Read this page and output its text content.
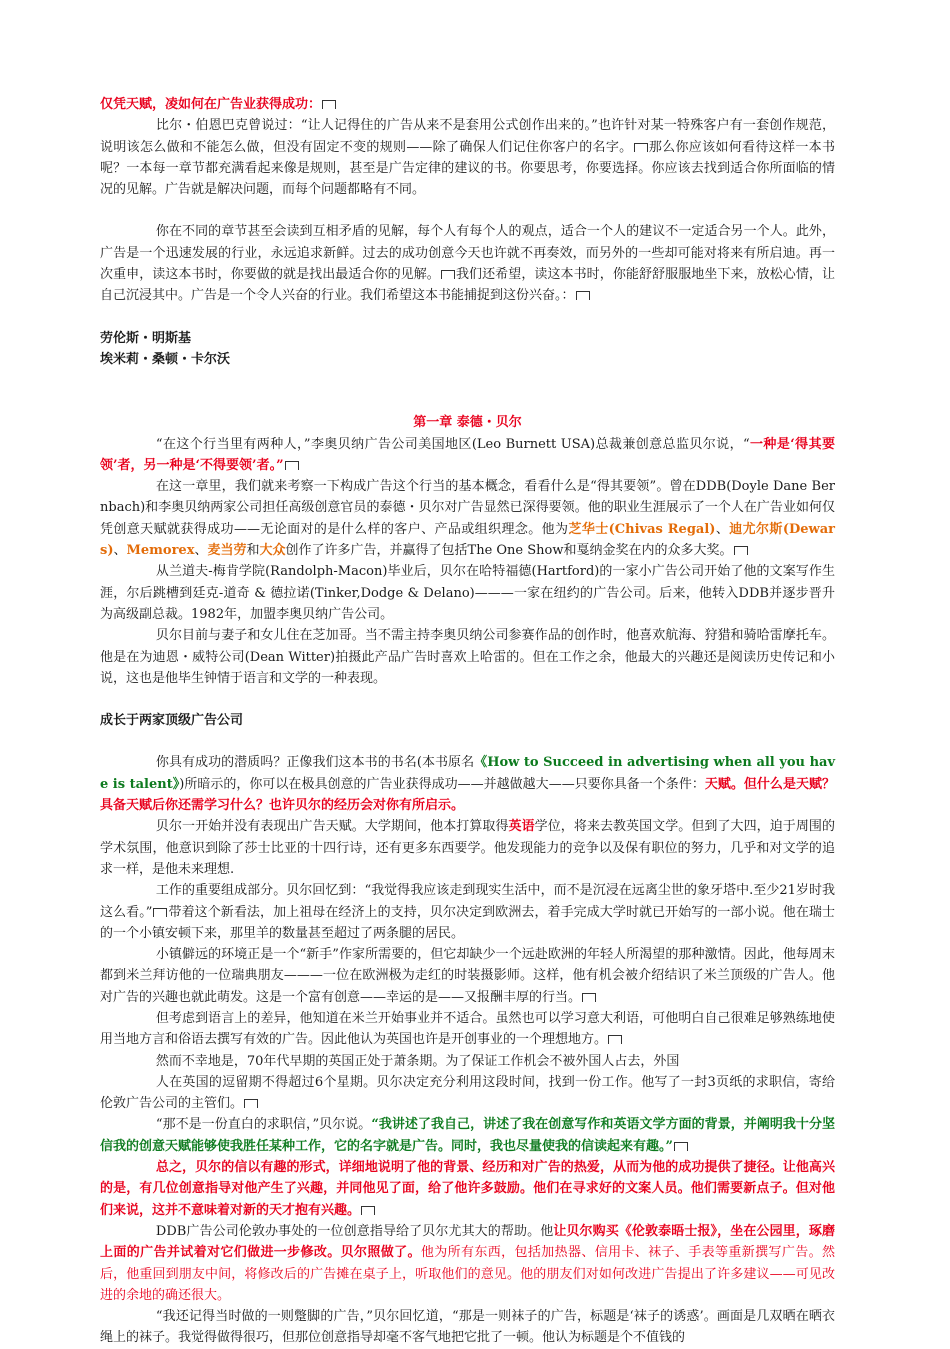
仅凭天赋，凌如何在广告业获得成功：

比尔・伯恩巴克曾说过：“让人记得住的广告从来不是套用公式创作出来的。”也许针对某一特殊客户有一套创作规范，说明该怎么做和不能怎么做，但没有固定不变的规则——除了确保人们记住你客户的名字。 那么你应该如何看待这样一本书呢？一本每一章节都充满看起来像是规则，甚至是广告定律的建议的书。你要思考，你要选择。你应该去找到适合你所面临的情况的见解。广告就是解决问题，而每个问题都略有不同。

你在不同的章节甚至会读到互相矛盾的见解，每个人有每个人的观点，适合一个人的建议不一定适合另一个人。此外，广告是一个迅速发展的行业，永远追求新鲜。过去的成功创意今天也许就不再奏效，而另外的一些却可能对将来有所启迪。再一次重申，读这本书时，你要做的就是找出最适合你的见解。 我们还希望，读这本书时，你能舒舒服服地坐下来，放松心情，让自己沉浸其中。广告是一个令人兴奋的行业。我们希望这本书能捕捉到这份兴奋。：

劳伦斯・明斯基

埃米莉・桑顿・卡尔沃

第一章 泰德・贝尔

“在这个行当里有两种人，”李奥贝纳广告公司美国地区(Leo Burnett USA)总裁兼创意总监贝尔说，“一种是‘得其要领’者，另一种是‘不得要领’者。”

在这一章里，我们就来考察一下构成广告这个行当的基本概念，看看什么是“得其要领”。曾在DDB(Doyle Dane Bernbach)和李奥贝纳两家公司担任高级创意官员的泰德・贝尔对广告显然已深得要领。他的职业生涯展示了一个人在广告业如何仅凭创意天赋就获得成功——无论面对的是什么样的客户、产品或组织理念。他为芝华士(Chivas Regal)、迪尤尔斯(Dewars)、Memorex、麦当劳和大众创作了许多广告，并赢得了包括The One Show和戛纳金奖在内的众多大奖。

从兰道夫-梅肯学院(Randolph-Macon)毕业后，贝尔在哈特福德(Hartford)的一家小广告公司开始了他的文案写作生涯，尔后跳槽到廷克-道奇 & 德拉诺(Tinker,Dodge & Delano)———一家在纽约的广告公司。后来，他转入DDB并逐步晋升为高级副总裁。1982年，加盟李奥贝纳广告公司。

贝尔目前与妻子和女儿住在芝加哥。当不需主持李奥贝纳公司参赛作品的创作时，他喜欢航海、狩猎和骑哈雷摩托车。他是在为迪恩・威特公司(Dean Witter)拍摄此产品广告时喜欢上哈雷的。但在工作之余，他最大的兴趣还是阅读历史传记和小说，这也是他毕生钟情于语言和文学的一种表现。

成长于两家顶级广告公司

你具有成功的潜质吗？正像我们这本书的书名(本书原名《How to Succeed in advertising when all you have is talent》)所暗示的，你可以在极具创意的广告业获得成功——并越做越大——只要你具备一个条件：天赋。但什么是天赋？具备天赋后你还需学习什么？也许贝尔的经历会对你有所启示。

贝尔一开始并没有表现出广告天赋。大学期间，他本打算取得英语学位，将来去教英国文学。但到了大四，迫于周围的学术氛围，他意识到除了莎士比亚的十四行诗，还有更多东西要学。他发现能力的竞争以及保有职位的努力，几乎和对文学的追求一样，是他未来理想.

工作的重要组成部分。贝尔回忆到：“我觉得我应该走到现实生活中，而不是沉浸在远离尘世的象牙塔中.至少21岁时我这么看。” 带着这个新看法，加上祖母在经济上的支持，贝尔决定到欧洲去，着手完成大学时就已开始写的一部小说。他在瑞士的一个小镇安顿下来，那里羊的数量甚至超过了两条腿的居民。

小镇僻远的环境正是一个“新手”作家所需要的，但它却缺少一个远赴欧洲的年轻人所渴望的那种激情。因此，他每周末都到米兰拜访他的一位瑞典朋友———一位在欧洲极为走红的时装摄影师。这样，他有机会被介绍结识了米兰顶级的广告人。他对广告的兴趣也就此萌发。这是一个富有创意——幸运的是——又报酬丰厚的行当。

但考虑到语言上的差异，他知道在米兰开始事业并不适合。虽然也可以学习意大利语，可他明白自己很难足够熟练地使用当地方言和俗语去撰写有效的广告。因此他认为英国也许是开创事业的一个理想地方。

然而不幸地是，70年代早期的英国正处于萧条期。为了保证工作机会不被外国人占去，外国

人在英国的逗留期不得超过6个星期。贝尔决定充分利用这段时间，找到一份工作。他写了一封3页纸的求职信，寄给伦敦广告公司的主管们。

“那不是一份直白的求职信，”贝尔说。“我讲述了我自己，讲述了我在创意写作和英语文学方面的背景，并阐明我十分坚信我的创意天赋能够使我胜任某种工作，它的名字就是广告。同时，我也尽量使我的信读起来有趣。”

总之，贝尔的信以有趣的形式，详细地说明了他的背景、经历和对广告的热爱，从而为他的成功提供了捷径。让他高兴的是，有几位创意指导对他产生了兴趣，并同他见了面，给了他许多鼓励。他们在寻求好的文案人员。他们需要新点子。但对他们来说，这并不意味着对新的天才抱有兴趣。

DDB广告公司伦敦办事处的一位创意指导给了贝尔尤其大的帮助。他让贝尔购买《伦敦泰晤士报》，坐在公园里，琢磨上面的广告并试着对它们做进一步修改。贝尔照做了。他为所有东西，包括加热器、信用卡、袜子、手表等重新撰写广告。然后，他重回到朋友中间，将修改后的广告摊在桌子上，听取他们的意见。他的朋友们对如何改进广告提出了许多建议——可见改进的余地的确还很大。

“我还记得当时做的一则蹩脚的广告，”贝尔回忆道，“那是一则袜子的广告，标题是‘袜子的诱惑’。画面是几双晒在晒衣绳上的袜子。我觉得做得很巧，但那位创意指导却毫不客气地把它批了一顿。他认为标题是个不值钱的
